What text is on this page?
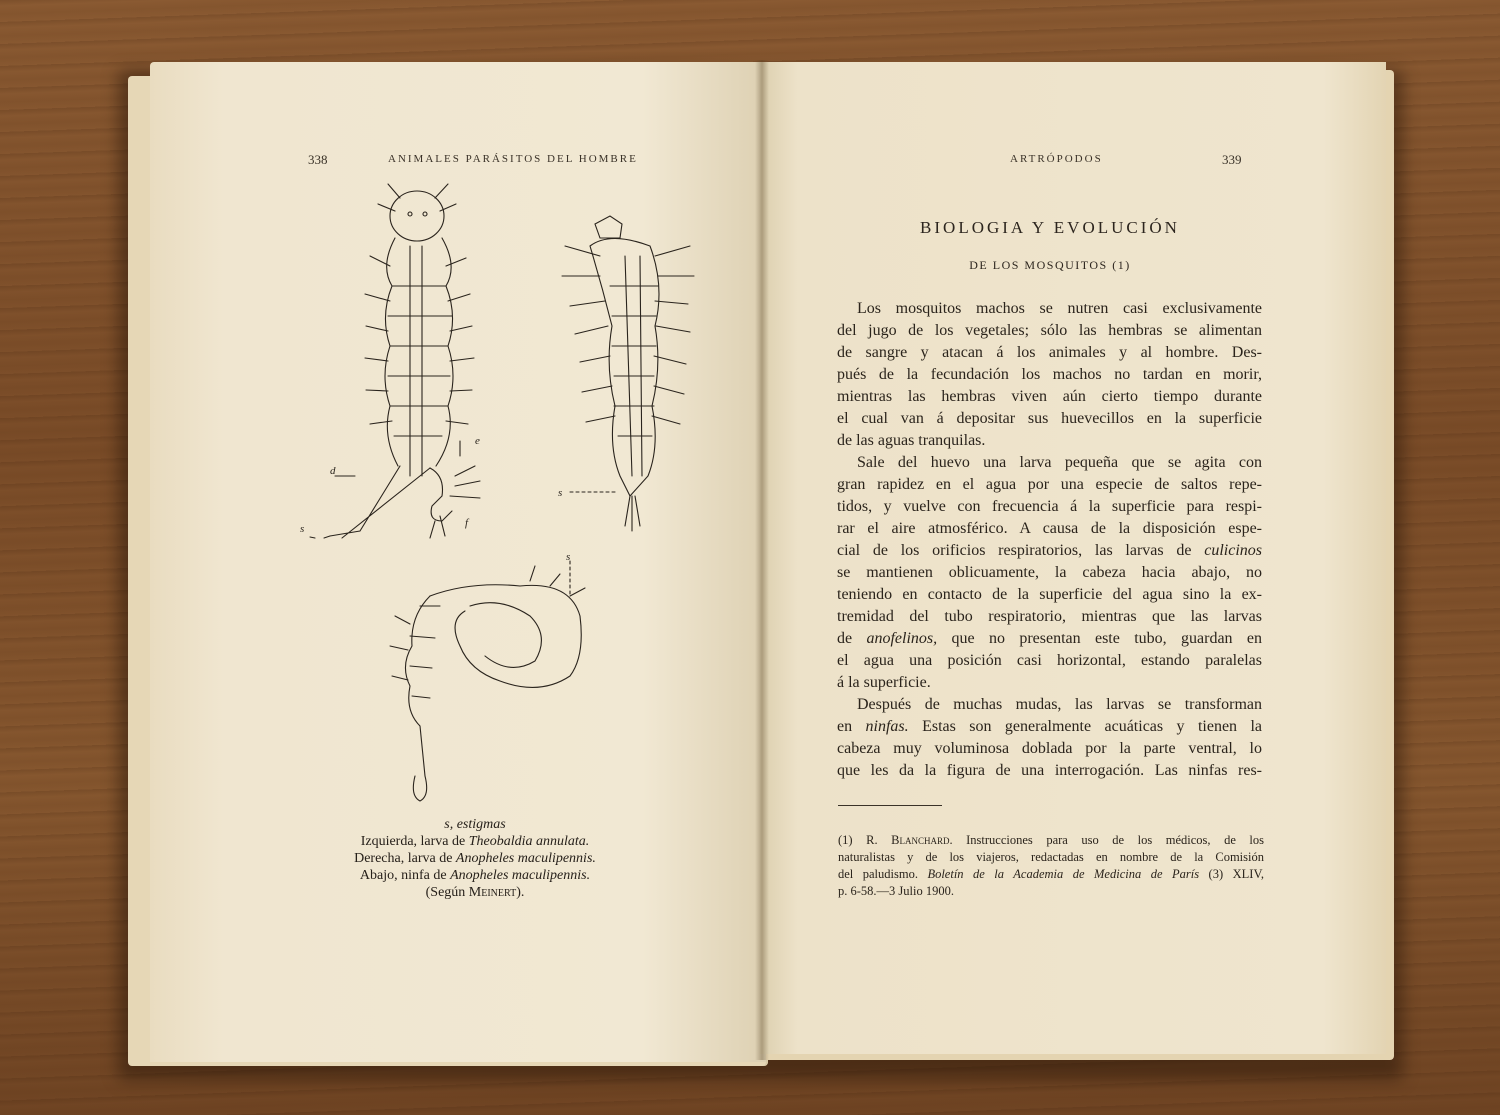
338	ANIMALES PARÁSITOS DEL HOMBRE
s
d
e
f
s
s
s, estigmas
Izquierda, larva de Theobaldia annulata.
Derecha, larva de Anopheles maculipennis.
Abajo, ninfa de Anopheles maculipennis.
(Según Meinert).
ARTRÓPODOS	339
BIOLOGIA Y EVOLUCIÓN
DE LOS MOSQUITOS (1)
Los mosquitos machos se nutren casi exclusivamente
del jugo de los vegetales; sólo las hembras se alimentan
de sangre y atacan á los animales y al hombre. Des-
pués de la fecundación los machos no tardan en morir,
mientras las hembras viven aún cierto tiempo durante
el cual van á depositar sus huevecillos en la superficie
de las aguas tranquilas.
Sale del huevo una larva pequeña que se agita con
gran rapidez en el agua por una especie de saltos repe-
tidos, y vuelve con frecuencia á la superficie para respi-
rar el aire atmosférico. A causa de la disposición espe-
cial de los orificios respiratorios, las larvas de culicinos
se mantienen oblicuamente, la cabeza hacia abajo, no
teniendo en contacto de la superficie del agua sino la ex-
tremidad del tubo respiratorio, mientras que las larvas
de anofelinos, que no presentan este tubo, guardan en
el agua una posición casi horizontal, estando paralelas
á la superficie.
Después de muchas mudas, las larvas se transforman
en ninfas. Estas son generalmente acuáticas y tienen la
cabeza muy voluminosa doblada por la parte ventral, lo
que les da la figura de una interrogación. Las ninfas res-
(1) R. Blanchard. Instrucciones para uso de los médicos, de los
naturalistas y de los viajeros, redactadas en nombre de la Comisión
del paludismo. Boletín de la Academia de Medicina de París (3) XLIV,
p. 6-58.—3 Julio 1900.
